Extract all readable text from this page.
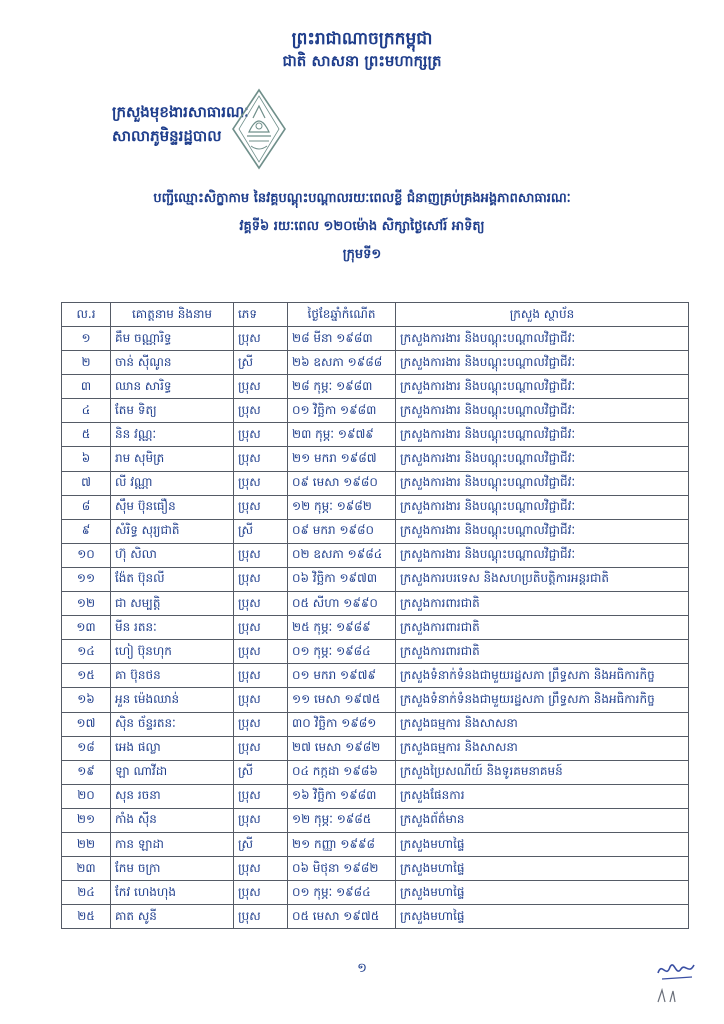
ព្រះរាជាណាចក្រកម្ពុជា
ជាតិ សាសនា ព្រះមហាក្សត្រ
ក្រសួងមុខងារសាធារណៈ
សាលាភូមិន្ទរដ្ឋបាល
បញ្ជីឈ្មោះសិក្ខាកាម នៃវគ្គបណ្តុះបណ្តាលរយៈពេលខ្លី ជំនាញគ្រប់គ្រងអង្គភាពសាធារណៈ
វគ្គទី៦ រយៈពេល ១២០ម៉ោង សិក្សាថ្ងៃសៅរ៍ អាទិត្យ
ក្រុមទី១
ល.រ	គោត្តនាម និងនាម	ភេទ	ថ្ងៃខែឆ្នាំកំណើត	ក្រសួង ស្ថាប័ន
១	គឹម ចណ្ណារិទ្ធ	ប្រុស	២៨ មីនា ១៩៨៣	ក្រសួងការងារ និងបណ្តុះបណ្តាលវិជ្ជាជីវៈ
២	ចាន់ ស៊ីណូន	ស្រី	២៦ ឧសភា ១៩៨៨	ក្រសួងការងារ និងបណ្តុះបណ្តាលវិជ្ជាជីវៈ
៣	ឈាន សារិទ្ធ	ប្រុស	២៨ កុម្ភៈ ១៩៨៣	ក្រសួងការងារ និងបណ្តុះបណ្តាលវិជ្ជាជីវៈ
៤	តែម ទិត្យ	ប្រុស	០១ វិច្ឆិកា ១៩៨៣	ក្រសួងការងារ និងបណ្តុះបណ្តាលវិជ្ជាជីវៈ
៥	និន វណ្ណៈ	ប្រុស	២៣ កុម្ភៈ ១៩៧៩	ក្រសួងការងារ និងបណ្តុះបណ្តាលវិជ្ជាជីវៈ
៦	រាម សុមិត្រ	ប្រុស	២១ មករា ១៩៨៧	ក្រសួងការងារ និងបណ្តុះបណ្តាលវិជ្ជាជីវៈ
៧	លី វណ្ណា	ប្រុស	០៩ មេសា ១៩៨០	ក្រសួងការងារ និងបណ្តុះបណ្តាលវិជ្ជាជីវៈ
៨	ស៊ឹម ប៊ុនធឿន	ប្រុស	១២ កុម្ភៈ ១៩៨២	ក្រសួងការងារ និងបណ្តុះបណ្តាលវិជ្ជាជីវៈ
៩	សំរិទ្ធ សុរ្យជាតិ	ស្រី	០៩ មករា ១៩៨០	ក្រសួងការងារ និងបណ្តុះបណ្តាលវិជ្ជាជីវៈ
១០	ហ៊ុ សិលា	ប្រុស	០២ ឧសភា ១៩៨៤	ក្រសួងការងារ និងបណ្តុះបណ្តាលវិជ្ជាជីវៈ
១១	ង៉ែត ប៊ុនលី	ប្រុស	០៦ វិច្ឆិកា ១៩៧៣	ក្រសួងការបរទេស និងសហប្រតិបត្តិការអន្តរជាតិ
១២	ជា សម្បត្តិ	ប្រុស	០៥ សីហា ១៩៩០	ក្រសួងការពារជាតិ
១៣	មីន រតនៈ	ប្រុស	២៥ កុម្ភៈ ១៩៨៩	ក្រសួងការពារជាតិ
១៤	ហៀ ប៊ុនហុក	ប្រុស	០១ កុម្ភៈ ១៩៨៤	ក្រសួងការពារជាតិ
១៥	គា ប៊ុនថន	ប្រុស	០១ មករា ១៩៧៩	ក្រសួងទំនាក់ទំនងជាមួយរដ្ឋសភា ព្រឹទ្ធសភា និងអធិការកិច្ច
១៦	អួន ម៉េងឈាន់	ប្រុស	១១ មេសា ១៩៧៥	ក្រសួងទំនាក់ទំនងជាមួយរដ្ឋសភា ព្រឹទ្ធសភា និងអធិការកិច្ច
១៧	ស៊ិន ច័ន្ទរតនៈ	ប្រុស	៣០ វិច្ឆិកា ១៩៨១	ក្រសួងធម្មការ និងសាសនា
១៨	អេង ផល្លា	ប្រុស	២៧ មេសា ១៩៨២	ក្រសួងធម្មការ និងសាសនា
១៩	ឡា ណាវីដា	ស្រី	០៤ កក្កដា ១៩៨៦	ក្រសួងប្រៃសណីយ៍ និងទូរគមនាគមន៍
២០	សុន រចនា	ប្រុស	១៦ វិច្ឆិកា ១៩៨៣	ក្រសួងផែនការ
២១	កាំង ស៊ីន	ប្រុស	១២ កុម្ភៈ ១៩៨៥	ក្រសួងព័ត៌មាន
២២	កាន ឡាដា	ស្រី	២១ កញ្ញា ១៩៩៨	ក្រសួងមហាផ្ទៃ
២៣	កែម ចក្រា	ប្រុស	០៦ មិថុនា ១៩៨២	ក្រសួងមហាផ្ទៃ
២៤	កែវ ហេងហុង	ប្រុស	០១ កុម្ភៈ ១៩៨៤	ក្រសួងមហាផ្ទៃ
២៥	គាត សូនី	ប្រុស	០៥ មេសា ១៩៧៥	ក្រសួងមហាផ្ទៃ
១
